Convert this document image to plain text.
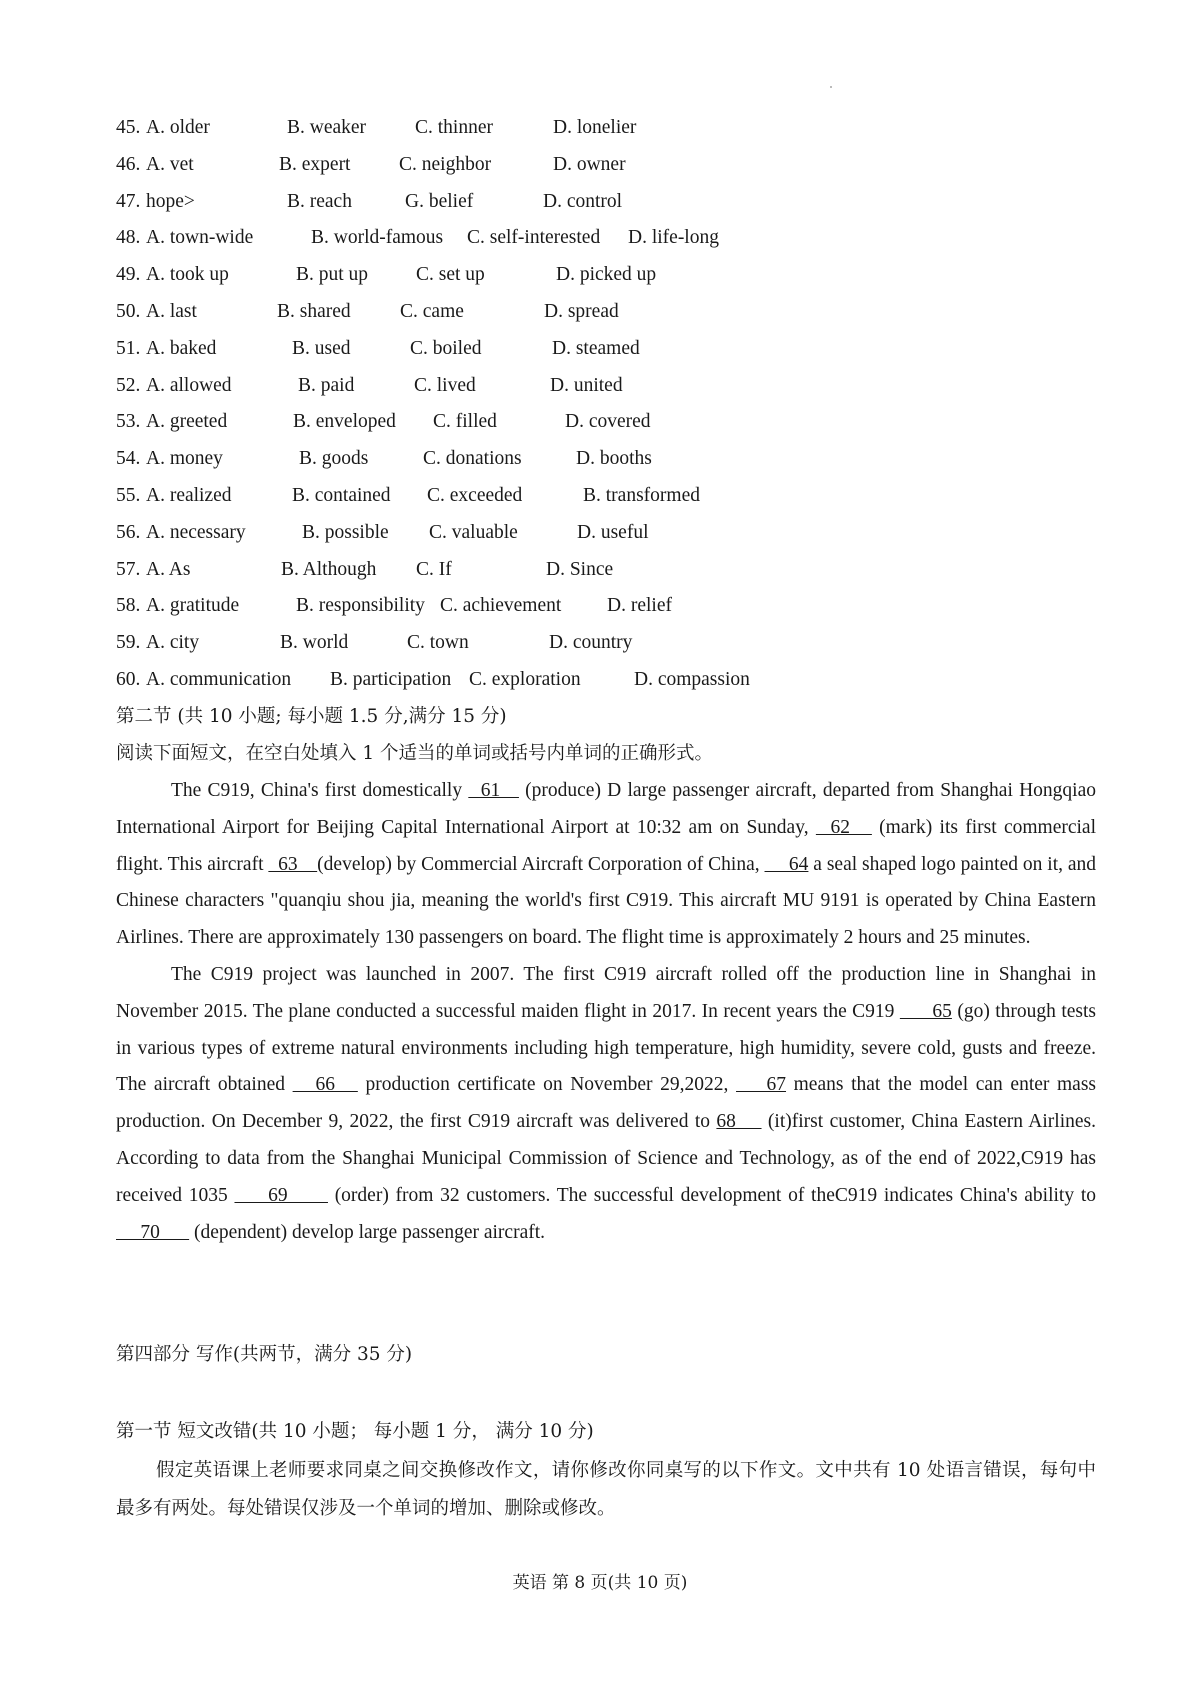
45. A. older	B. weaker	C. thinner	D. lonelier
46. A. vet	B. expert C. neighbor	D. owner
47. hope>	B. reach	G. belief	D. control
48. A. town-wide	B. world-famous C. self-interested D. life-long
49. A. took up	B. put up C. set up	D. picked up
50. A. last	B. shared	C. came	D. spread
51. A. baked	B. used	C. boiled	D. steamed
52. A. allowed	B. paid	C. lived	D. united
53. A. greeted	B. enveloped C. filled	D. covered
54. A. money	B. goods	C. donations	D. booths
55. A. realized	B. contained C. exceeded	B. transformed
56. A. necessary	B. possible C. valuable	D. useful
57. A. As	B. Although C. If	D. Since
58. A. gratitude	B. responsibility C. achievement D. relief
59. A. city	B. world	C. town	D. country
60. A. communication B. participation C. exploration	D. compassion
第二节 (共 10 小题; 每小题 1.5 分,满分 15 分)
阅读下面短文，在空白处填入 1 个适当的单词或括号内单词的正确形式。

The C919, China's first domestically   61    (produce) D large passenger aircraft, departed from Shanghai Hongqiao International Airport for Beijing Capital International Airport at 10:32 am on Sunday,   62    (mark) its first commercial flight. This aircraft   63    (develop) by Commercial Aircraft Corporation of China,      64 a seal shaped logo painted on it, and Chinese characters "quanqiu shou jia, meaning the world's first C919. This aircraft MU 9191 is operated by China Eastern Airlines. There are approximately 130 passengers on board. The flight time is approximately 2 hours and 25 minutes.

The C919 project was launched in 2007. The first C919 aircraft rolled off the production line in Shanghai in November 2015. The plane conducted a successful maiden flight in 2017. In recent years the C919       65 (go) through tests in various types of extreme natural environments including high temperature, high humidity, severe cold, gusts and freeze. The aircraft obtained    66    production certificate on November 29,2022,     67 means that the model can enter mass production. On December 9, 2022, the first C919 aircraft was delivered to 68     (it)first customer, China Eastern Airlines. According to data from the Shanghai Municipal Commission of Science and Technology, as of the end of 2022,C919 has received 1035      69       (order) from 32 customers. The successful development of theC919 indicates China's ability to      70       (dependent) develop large passenger aircraft.

第四部分 写作(共两节，满分 35 分)
第一节 短文改错(共 10 小题； 每小题 1 分， 满分 10 分)

假定英语课上老师要求同桌之间交换修改作文，请你修改你同桌写的以下作文。文中共有 10 处语言错误，每句中最多有两处。每处错误仅涉及一个单词的增加、删除或修改。

英语 第 8 页(共 10 页)
